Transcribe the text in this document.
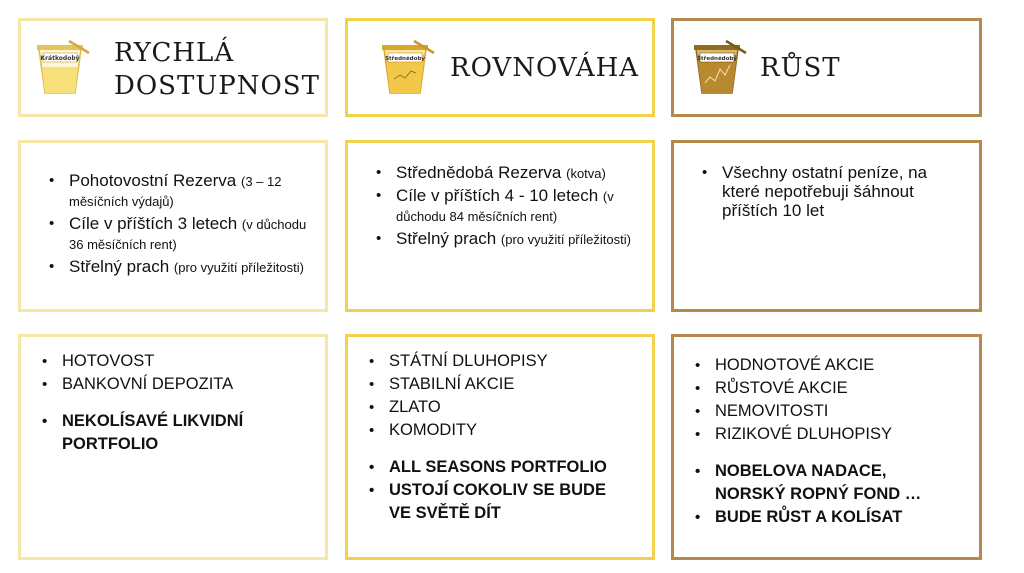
Krátkodobý RYCHLÁ
DOSTUPNOST
Střednědobý ROVNOVÁHA	Střednědobý RŮST
• Pohotovostní Rezerva (3 – 12 měsíčních výdajů)
• Cíle v příštích 3 letech (v důchodu 36 měsíčních rent)
• Střelný prach (pro využití příležitosti)
• Střednědobá Rezerva (kotva)
• Cíle v příštích 4 - 10 letech (v důchodu 84 měsíčních rent)
• Střelný prach (pro využití příležitosti)
• Všechny ostatní peníze, na které nepotřebuji šáhnout příštích 10 let
• HOTOVOST
• BANKOVNÍ DEPOZITA
• NEKOLÍSAVÉ LIKVIDNÍ PORTFOLIO
• STÁTNÍ DLUHOPISY
• STABILNÍ AKCIE
• ZLATO
• KOMODITY
• ALL SEASONS PORTFOLIO
• USTOJÍ COKOLIV SE BUDE VE SVĚTĚ DÍT
• HODNOTOVÉ AKCIE
• RŮSTOVÉ AKCIE
• NEMOVITOSTI
• RIZIKOVÉ DLUHOPISY
• NOBELOVA NADACE, NORSKÝ ROPNÝ FOND …
• BUDE RŮST A KOLÍSAT
